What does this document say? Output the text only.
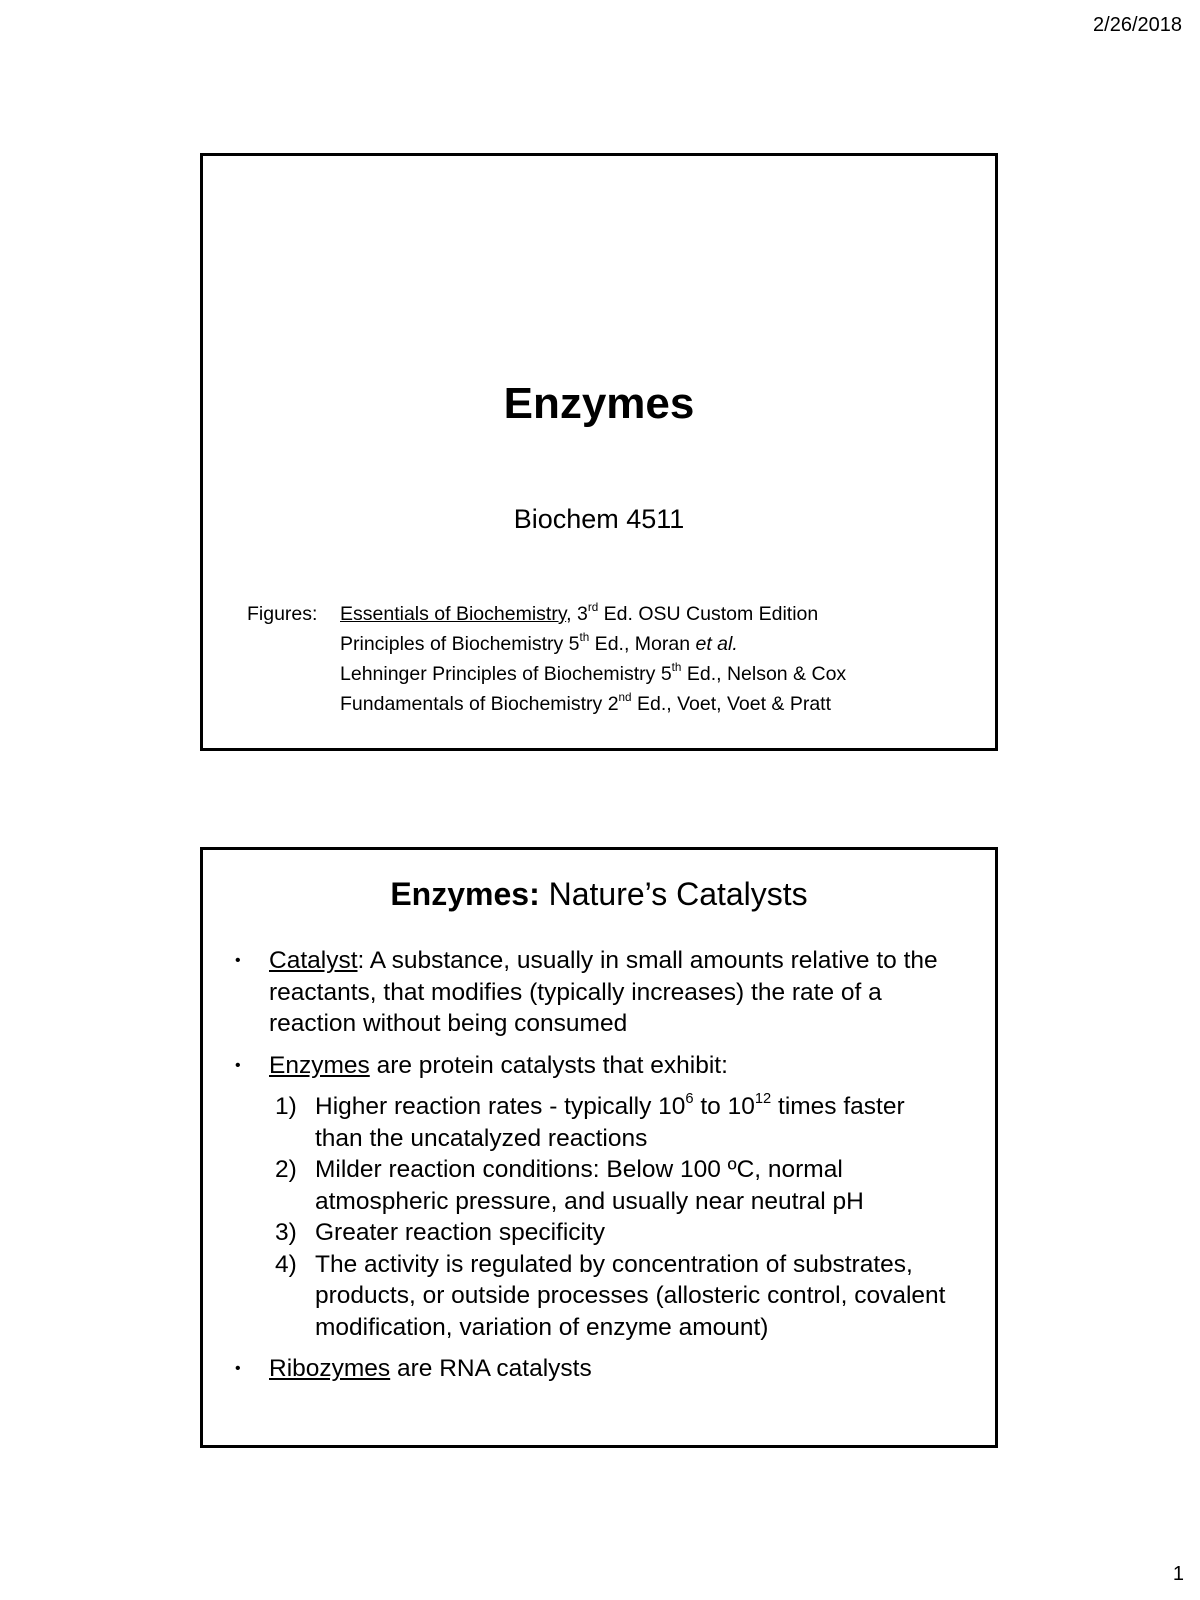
2/26/2018
Enzymes
Biochem 4511
Figures:	Essentials of Biochemistry, 3rd Ed. OSU Custom Edition
Principles of Biochemistry 5th Ed., Moran et al.
Lehninger Principles of Biochemistry 5th Ed., Nelson & Cox
Fundamentals of Biochemistry 2nd Ed., Voet, Voet & Pratt
Enzymes: Nature’s Catalysts
•	Catalyst: A substance, usually in small amounts relative to the reactants, that modifies (typically increases) the rate of a reaction without being consumed
•	Enzymes are protein catalysts that exhibit:
1) Higher reaction rates - typically $10^6$ to $10^{12}$ times faster than the uncatalyzed reactions
2) Milder reaction conditions: Below 100 ºC, normal atmospheric pressure, and usually near neutral pH
3) Greater reaction specificity
4) The activity is regulated by concentration of substrates, products, or outside processes (allosteric control, covalent modification, variation of enzyme amount)
•	Ribozymes are RNA catalysts
1
